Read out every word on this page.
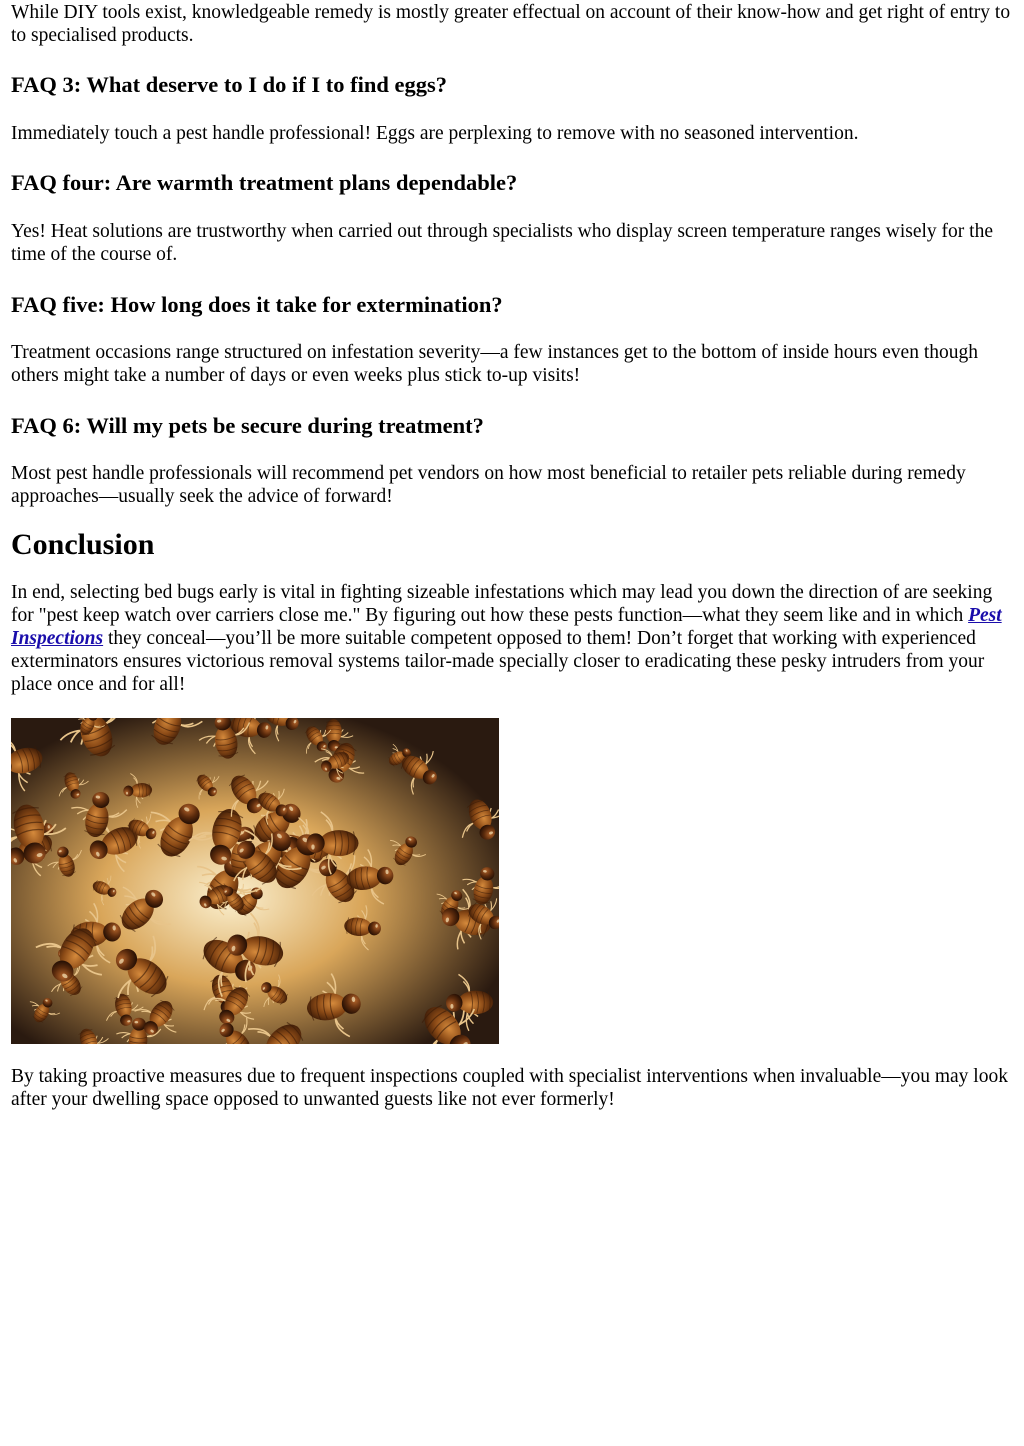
While DIY tools exist, knowledgeable remedy is mostly greater effectual on account of their know-how and get right of entry to to specialised products.

FAQ 3: What deserve to I do if I to find eggs?

Immediately touch a pest handle professional! Eggs are perplexing to remove with no seasoned intervention.

FAQ four: Are warmth treatment plans dependable?

Yes! Heat solutions are trustworthy when carried out through specialists who display screen temperature ranges wisely for the time of the course of.

FAQ five: How long does it take for extermination?

Treatment occasions range structured on infestation severity—a few instances get to the bottom of inside hours even though others might take a number of days or even weeks plus stick to-up visits!

FAQ 6: Will my pets be secure during treatment?

Most pest handle professionals will recommend pet vendors on how most beneficial to retailer pets reliable during remedy approaches—usually seek the advice of forward!

Conclusion

In end, selecting bed bugs early is vital in fighting sizeable infestations which may lead you down the direction of are seeking for "pest keep watch over carriers close me." By figuring out how these pests function—what they seem like and in which Pest Inspections they conceal—you’ll be more suitable competent opposed to them! Don’t forget that working with experienced exterminators ensures victorious removal systems tailor-made specially closer to eradicating these pesky intruders from your place once and for all!

By taking proactive measures due to frequent inspections coupled with specialist interventions when invaluable—you may look after your dwelling space opposed to unwanted guests like not ever formerly!
